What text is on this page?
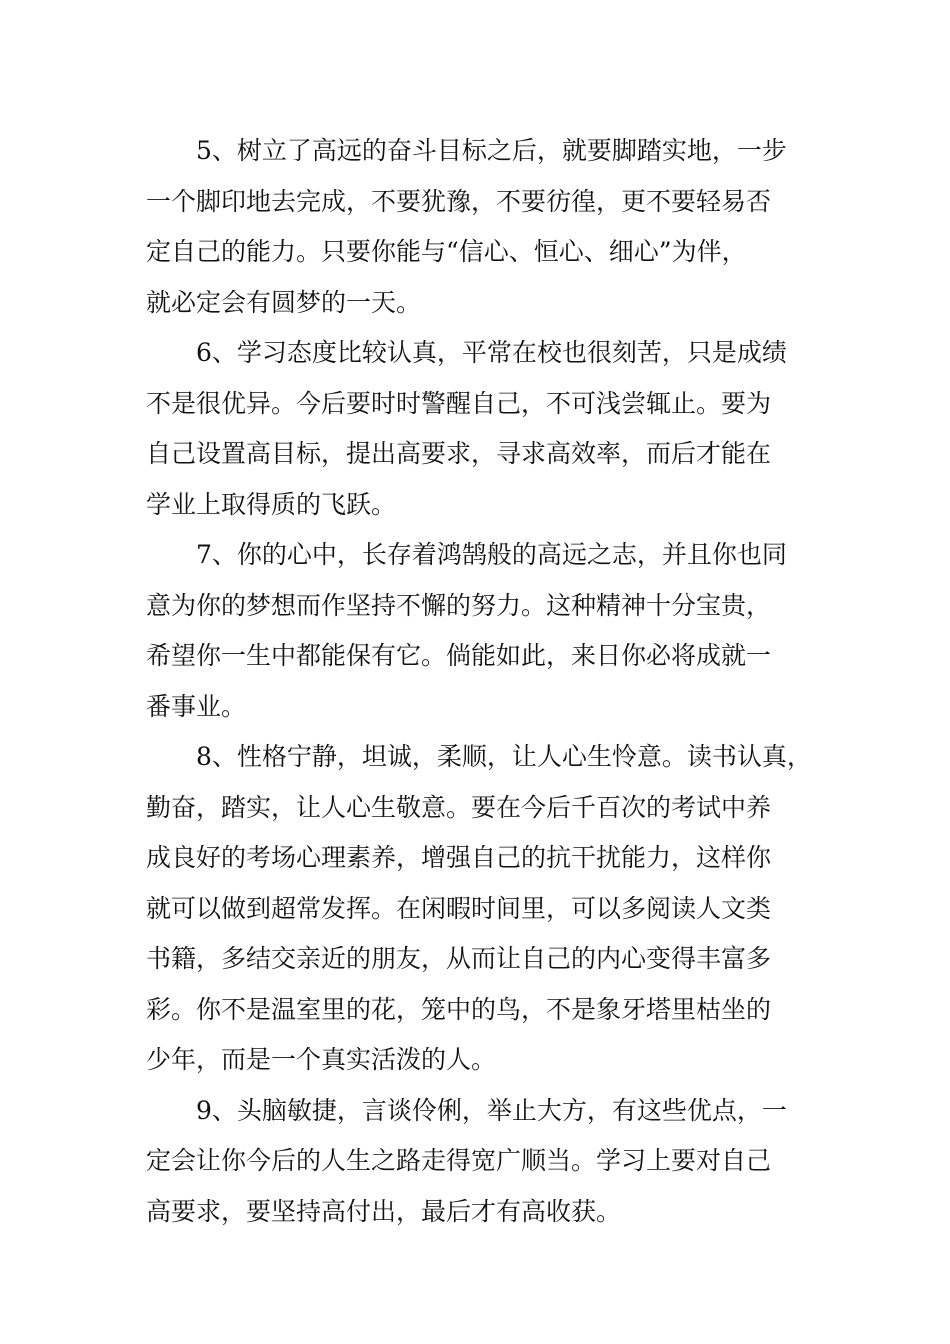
5、树立了高远的奋斗目标之后，就要脚踏实地，一步
一个脚印地去完成，不要犹豫，不要彷徨，更不要轻易否
定自己的能力。只要你能与“信心、恒心、细心”为伴，
就必定会有圆梦的一天。
6、学习态度比较认真，平常在校也很刻苦，只是成绩
不是很优异。今后要时时警醒自己，不可浅尝辄止。要为
自己设置高目标，提出高要求，寻求高效率，而后才能在
学业上取得质的飞跃。
7、你的心中，长存着鸿鹄般的高远之志，并且你也同
意为你的梦想而作坚持不懈的努力。这种精神十分宝贵，
希望你一生中都能保有它。倘能如此，来日你必将成就一
番事业。
8、性格宁静，坦诚，柔顺，让人心生怜意。读书认真，
勤奋，踏实，让人心生敬意。要在今后千百次的考试中养
成良好的考场心理素养，增强自己的抗干扰能力，这样你
就可以做到超常发挥。在闲暇时间里，可以多阅读人文类
书籍，多结交亲近的朋友，从而让自己的内心变得丰富多
彩。你不是温室里的花，笼中的鸟，不是象牙塔里枯坐的
少年，而是一个真实活泼的人。
9、头脑敏捷，言谈伶俐，举止大方，有这些优点，一
定会让你今后的人生之路走得宽广顺当。学习上要对自己
高要求，要坚持高付出，最后才有高收获。
